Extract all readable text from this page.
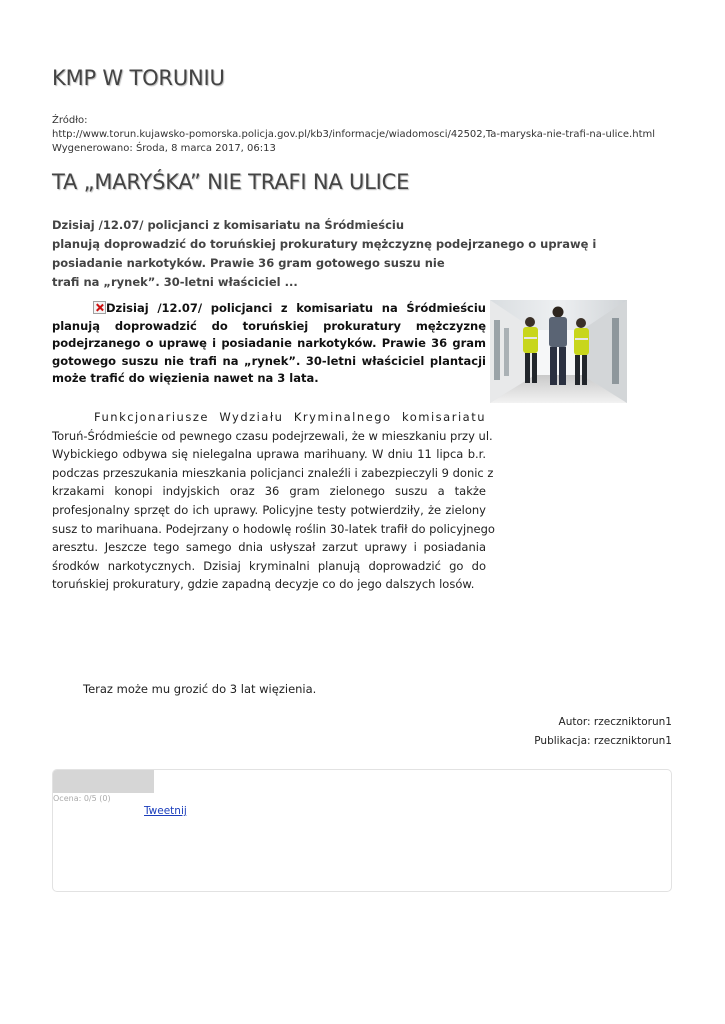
KMP W TORUNIU
Źródło:
http://www.torun.kujawsko-pomorska.policja.gov.pl/kb3/informacje/wiadomosci/42502,Ta-maryska-nie-trafi-na-ulice.html
Wygenerowano: Środa, 8 marca 2017, 06:13
TA „MARYŚKA” NIE TRAFI NA ULICE
Dzisiaj /12.07/ policjanci z komisariatu na Śródmieściu
planują doprowadzić do toruńskiej prokuratury mężczyznę podejrzanego o uprawę i
posiadanie narkotyków. Prawie 36 gram gotowego suszu nie
trafi na „rynek”. 30-letni właściciel ...
Dzisiaj /12.07/ policjanci z komisariatu na Śródmieściu
planują doprowadzić do toruńskiej prokuratury mężczyznę
podejrzanego o uprawę i posiadanie narkotyków. Prawie 36 gram
gotowego suszu nie trafi na „rynek”. 30-letni właściciel plantacji
może trafić do więzienia nawet na 3 lata.
Funkcjonariusze Wydziału Kryminalnego komisariatu
Toruń-Śródmieście od pewnego czasu podejrzewali, że w mieszkaniu przy ul.
Wybickiego odbywa się nielegalna uprawa marihuany. W dniu 11 lipca b.r.
podczas przeszukania mieszkania policjanci znaleźli i zabezpieczyli 9 donic z
krzakami konopi indyjskich oraz 36 gram zielonego suszu a także
profesjonalny sprzęt do ich uprawy. Policyjne testy potwierdziły, że zielony
susz to marihuana. Podejrzany o hodowlę roślin 30-latek trafił do policyjnego
aresztu. Jeszcze tego samego dnia usłyszał zarzut uprawy i posiadania
środków narkotycznych. Dzisiaj kryminalni planują doprowadzić go do
toruńskiej prokuratury, gdzie zapadną decyzje co do jego dalszych losów.
Teraz może mu grozić do 3 lat więzienia.
Autor: rzeczniktorun1
Publikacja: rzeczniktorun1
Ocena: 0/5 (0)
Tweetnij
